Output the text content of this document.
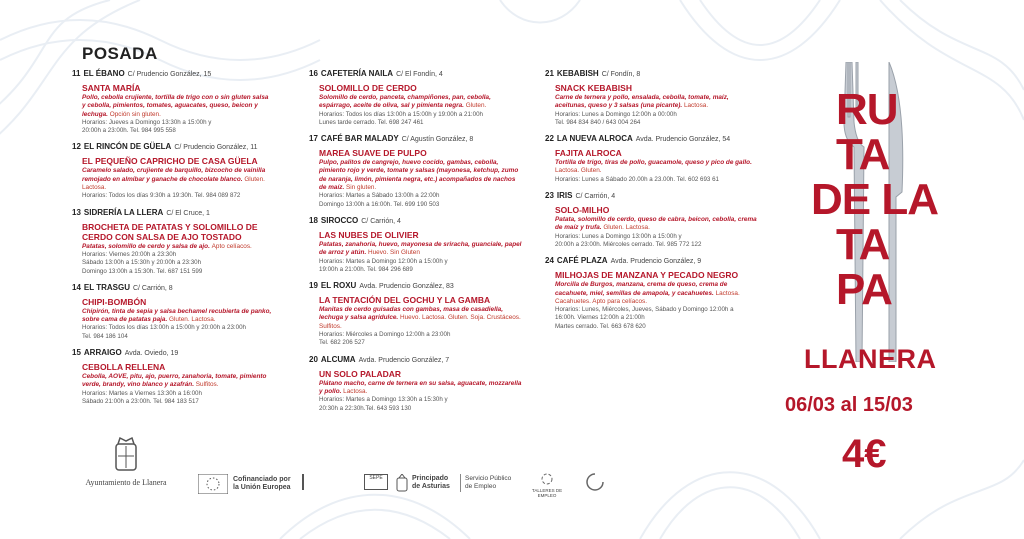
POSADA
11 EL ÉBANO C/ Prudencio González, 15
SANTA MARÍA
Pollo, cebolla crujiente, tortilla de trigo con o sin gluten salsa y cebolla, pimientos, tomates, aguacates, queso, beicon y lechuga. Opción sin gluten.
Horarios: Jueves a Domingo 13:30h a 15:00h y
20:00h a 23:00h. Tel. 984 995 558
12 EL RINCÓN DE GÜELA C/ Prudencio González, 11
EL PEQUEÑO CAPRICHO DE CASA GÜELA
Caramelo salado, crujiente de barquillo, bizcocho de vainilla remojado en almíbar y ganache de chocolate blanco. Gluten. Lactosa.
Horarios: Todos los días 9:30h a 19:30h. Tel. 984 089 872
13 SIDRERÍA LA LLERA C/ El Cruce, 1
BROCHETA DE PATATAS Y SOLOMILLO DE CERDO CON SALSA DE AJO TOSTADO
Patatas, solomillo de cerdo y salsa de ajo. Apto celíacos.
Horarios: Viernes 20:00h a 23:30h
Sábado 13:00h a 15:30h y 20:00h a 23:30h
Domingo 13:00h a 15:30h. Tel. 687 151 599
14 EL TRASGU C/ Carrión, 8
CHIPI-BOMBÓN
Chipirón, tinta de sepia y salsa bechamel recubierta de panko, sobre cama de patatas paja. Gluten. Lactosa.
Horarios: Todos los días 13:00h a 15:00h y 20:00h a 23:00h
Tel. 984 186 104
15 ARRAIGO Avda. Oviedo, 19
CEBOLLA RELLENA
Cebolla, AOVE, pitu, ajo, puerro, zanahoria, tomate, pimiento verde, brandy, vino blanco y azafrán. Sulfitos.
Horarios: Martes a Viernes 13:30h a 16:00h
Sábado 21:00h a 23:00h. Tel. 984 183 517
16 CAFETERÍA NAILA C/ El Fondín, 4
SOLOMILLO DE CERDO
Solomillo de cerdo, panceta, champiñones, pan, cebolla, espárrago, aceite de oliva, sal y pimienta negra. Gluten.
Horarios: Todos los días 13:00h a 15:00h y 19:00h a 21:00h
Lunes tarde cerrado. Tel. 698 247 461
17 CAFÉ BAR MALADY C/ Agustín González, 8
MAREA SUAVE DE PULPO
Pulpo, palitos de cangrejo, huevo cocido, gambas, cebolla, pimiento rojo y verde, tomate y salsas (mayonesa, ketchup, zumo de naranja, limón, pimienta negra, etc.) acompañados de nachos de maíz. Sin gluten.
Horarios: Martes a Sábado 13:00h a 22:00h
Domingo 13:00h a 16:00h. Tel. 699 190 503
18 SIROCCO C/ Carrión, 4
LAS NUBES DE OLIVIER
Patatas, zanahoria, huevo, mayonesa de sriracha, guanciale, papel de arroz y atún. Huevo. Sin Gluten
Horarios: Martes a Domingo 12:00h a 15:00h y
19:00h a 21:00h. Tel. 984 296 689
19 EL ROXU Avda. Prudencio González, 83
LA TENTACIÓN DEL GOCHU Y LA GAMBA
Manitas de cerdo guisadas con gambas, masa de casadiella, lechuga y salsa agridulce. Huevo. Lactosa. Gluten. Soja. Crustáceos. Sulfitos.
Horarios: Miércoles a Domingo 12:00h a 23:00h
Tel. 682 206 527
20 ALCUMA Avda. Prudencio González, 7
UN SOLO PALADAR
Plátano macho, carne de ternera en su salsa, aguacate, mozzarella y pollo. Lactosa.
Horarios: Martes a Domingo 13:30h a 15:30h y
20:30h a 22:30h.Tel. 643 593 130
21 KEBABISH C/ Fondín, 8
SNACK KEBABISH
Carne de ternera y pollo, ensalada, cebolla, tomate, maíz, aceitunas, queso y 3 salsas (una picante). Lactosa.
Horarios: Lunes a Domingo 12:00h a 00:00h
Tel. 984 834 840 / 643 004 264
22 LA NUEVA ALROCA Avda. Prudencio González, 54
FAJITA ALROCA
Tortilla de trigo, tiras de pollo, guacamole, queso y pico de gallo. Lactosa. Gluten.
Horarios: Lunes a Sábado 20.00h a 23.00h. Tel. 602 693 61
23 IRIS C/ Carrión, 4
SOLO-MILHO
Patata, solomillo de cerdo, queso de cabra, beicon, cebolla, crema de maíz y trufa. Gluten. Lactosa.
Horarios: Lunes a Domingo 13:00h a 15:00h y
20:00h a 23:00h. Miércoles cerrado. Tel. 985 772 122
24 CAFÉ PLAZA Avda. Prudencio González, 9
MILHOJAS DE MANZANA Y PECADO NEGRO
Morcilla de Burgos, manzana, crema de queso, crema de cacahuete, miel, semillas de amapola, y cacahuetes. Lactosa. Cacahuetes. Apto para celíacos.
Horarios: Lunes, Miércoles, Jueves, Sábado y Domingo 12:00h a
16:00h. Viernes 12:00h a 21:00h
Martes cerrado. Tel. 663 678 620
RU
TA
DE LA
TA
PA
LLANERA
06/03 al 15/03
4€
Ayuntamiento de Llanera	Cofinanciado por la Unión Europea
SEPE	Principado de Asturias
Servicio Público de Empleo
TALLERES DE EMPLEO
